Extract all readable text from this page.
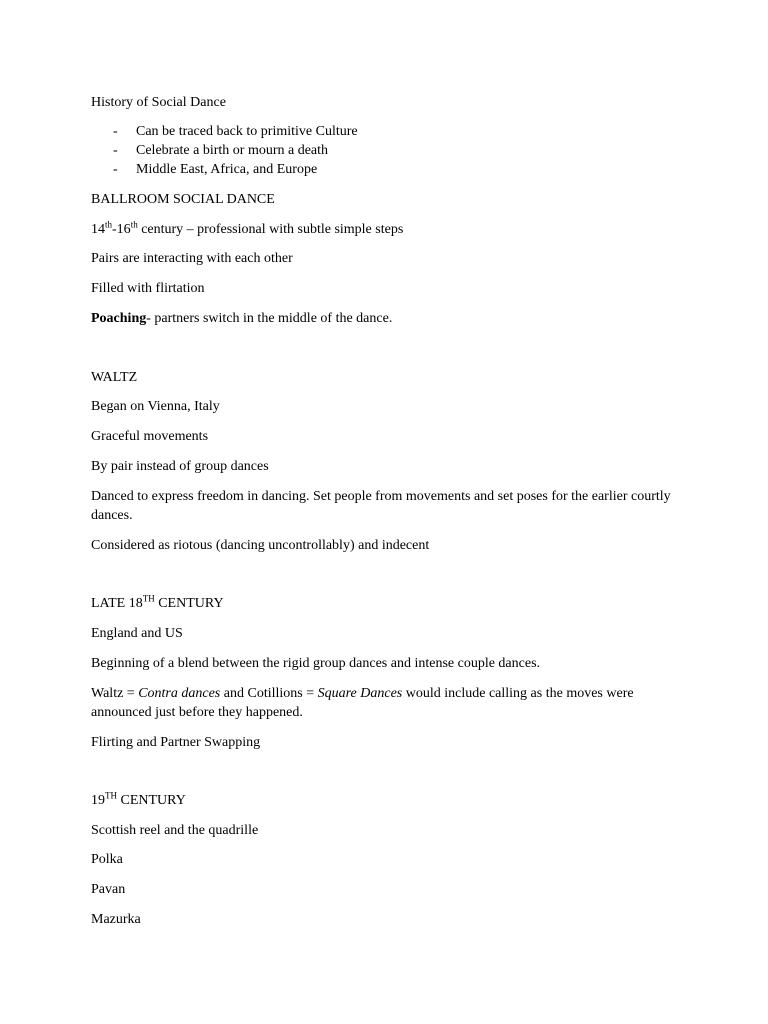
History of Social Dance
- Can be traced back to primitive Culture
- Celebrate a birth or mourn a death
- Middle East, Africa, and Europe
BALLROOM SOCIAL DANCE
14th-16th century – professional with subtle simple steps
Pairs are interacting with each other
Filled with flirtation
Poaching- partners switch in the middle of the dance.
WALTZ
Began on Vienna, Italy
Graceful movements
By pair instead of group dances
Danced to express freedom in dancing. Set people from movements and set poses for the earlier courtly dances.
Considered as riotous (dancing uncontrollably) and indecent
LATE 18TH CENTURY
England and US
Beginning of a blend between the rigid group dances and intense couple dances.
Waltz = Contra dances and Cotillions = Square Dances would include calling as the moves were announced just before they happened.
Flirting and Partner Swapping
19TH CENTURY
Scottish reel and the quadrille
Polka
Pavan
Mazurka
